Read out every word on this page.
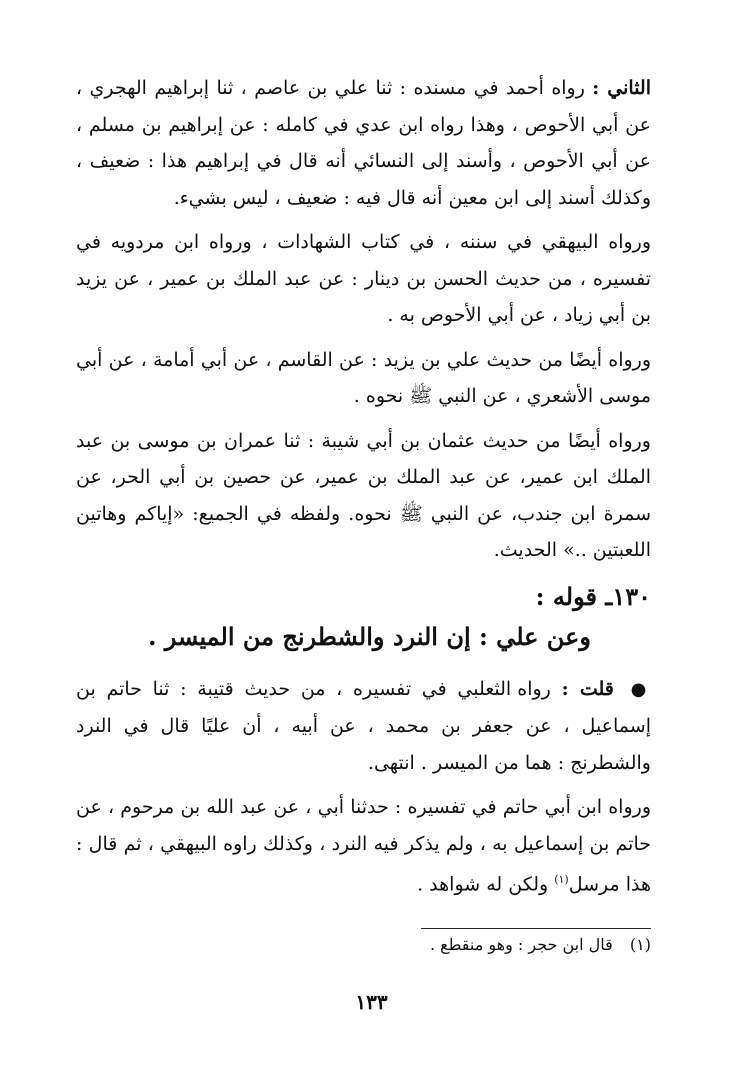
الثاني : رواه أحمد في مسنده : ثنا علي بن عاصم ، ثنا إبراهيم الهجري ، عن أبي الأحوص ، وهذا رواه ابن عدي في كامله : عن إبراهيم بن مسلم ، عن أبي الأحوص ، وأسند إلى النسائي أنه قال في إبراهيم هذا : ضعيف ، وكذلك أسند إلى ابن معين أنه قال فيه : ضعيف ، ليس بشيء.

ورواه البيهقي في سننه ، في كتاب الشهادات ، ورواه ابن مردويه في تفسيره ، من حديث الحسن بن دينار : عن عبد الملك بن عمير ، عن يزيد بن أبي زياد ، عن أبي الأحوص به .

ورواه أيضًا من حديث علي بن يزيد : عن القاسم ، عن أبي أمامة ، عن أبي موسى الأشعري ، عن النبي ﷺ نحوه .

ورواه أيضًا من حديث عثمان بن أبي شيبة : ثنا عمران بن موسى بن عبد الملك ابن عمير، عن عبد الملك بن عمير، عن حصين بن أبي الحر، عن سمرة ابن جندب، عن النبي ﷺ نحوه. ولفظه في الجميع: «إياكم وهاتين اللعبتين ..» الحديث.

١٣٠ـ قوله :
وعن علي : إن النرد والشطرنج من الميسر .

● قلت : رواه الثعلبي في تفسيره ، من حديث قتيبة : ثنا حاتم بن إسماعيل ، عن جعفر بن محمد ، عن أبيه ، أن عليًا قال في النرد والشطرنج : هما من الميسر . انتهى.

ورواه ابن أبي حاتم في تفسيره : حدثنا أبي ، عن عبد الله بن مرحوم ، عن حاتم بن إسماعيل به ، ولم يذكر فيه النرد ، وكذلك راوه البيهقي ، ثم قال : هذا مرسل$^{(١)}$ ولكن له شواهد .

(١) قال ابن حجر : وهو منقطع .
١٣٣
